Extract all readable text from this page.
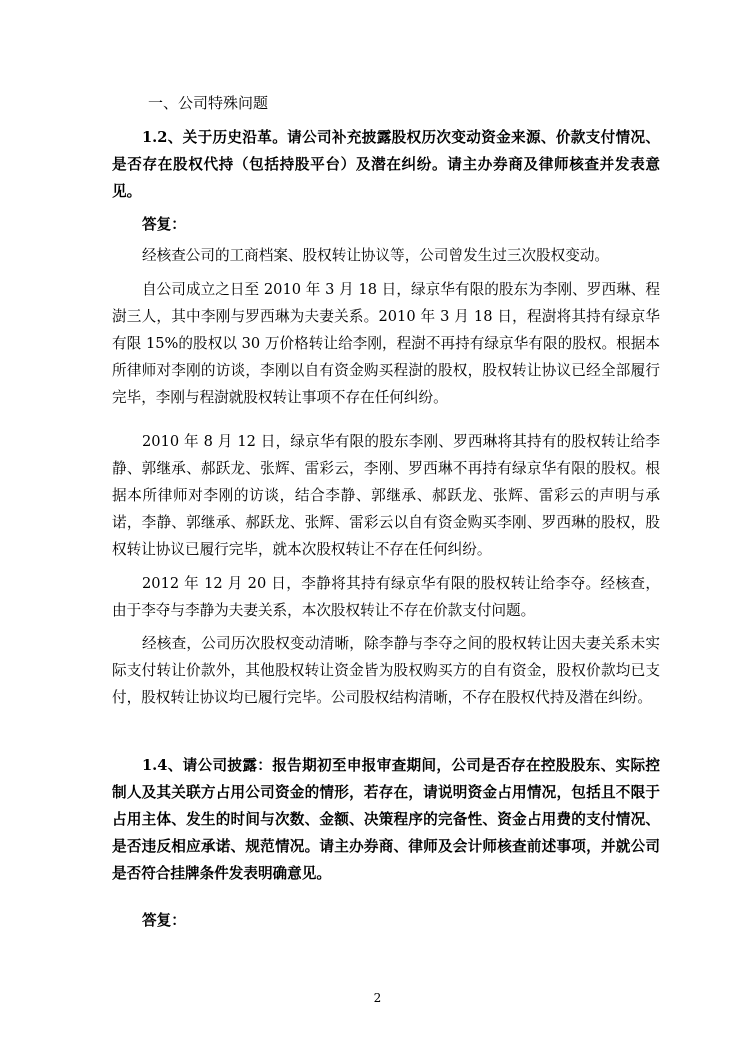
一、公司特殊问题
1.2、关于历史沿革。请公司补充披露股权历次变动资金来源、价款支付情况、是否存在股权代持（包括持股平台）及潜在纠纷。请主办券商及律师核查并发表意见。
答复：
经核查公司的工商档案、股权转让协议等，公司曾发生过三次股权变动。
自公司成立之日至 2010 年 3 月 18 日，绿京华有限的股东为李刚、罗西琳、程澍三人，其中李刚与罗西琳为夫妻关系。2010 年 3 月 18 日，程澍将其持有绿京华有限 15%的股权以 30 万价格转让给李刚，程澍不再持有绿京华有限的股权。根据本所律师对李刚的访谈，李刚以自有资金购买程澍的股权，股权转让协议已经全部履行完毕，李刚与程澍就股权转让事项不存在任何纠纷。
2010 年 8 月 12 日，绿京华有限的股东李刚、罗西琳将其持有的股权转让给李静、郭继承、郝跃龙、张辉、雷彩云，李刚、罗西琳不再持有绿京华有限的股权。根据本所律师对李刚的访谈，结合李静、郭继承、郝跃龙、张辉、雷彩云的声明与承诺，李静、郭继承、郝跃龙、张辉、雷彩云以自有资金购买李刚、罗西琳的股权，股权转让协议已履行完毕，就本次股权转让不存在任何纠纷。
2012 年 12 月 20 日，李静将其持有绿京华有限的股权转让给李夺。经核查，由于李夺与李静为夫妻关系，本次股权转让不存在价款支付问题。
经核查，公司历次股权变动清晰，除李静与李夺之间的股权转让因夫妻关系未实际支付转让价款外，其他股权转让资金皆为股权购买方的自有资金，股权价款均已支付，股权转让协议均已履行完毕。公司股权结构清晰，不存在股权代持及潜在纠纷。
1.4、请公司披露：报告期初至申报审查期间，公司是否存在控股股东、实际控制人及其关联方占用公司资金的情形，若存在，请说明资金占用情况，包括且不限于占用主体、发生的时间与次数、金额、决策程序的完备性、资金占用费的支付情况、是否违反相应承诺、规范情况。请主办券商、律师及会计师核查前述事项，并就公司是否符合挂牌条件发表明确意见。
答复：
2
